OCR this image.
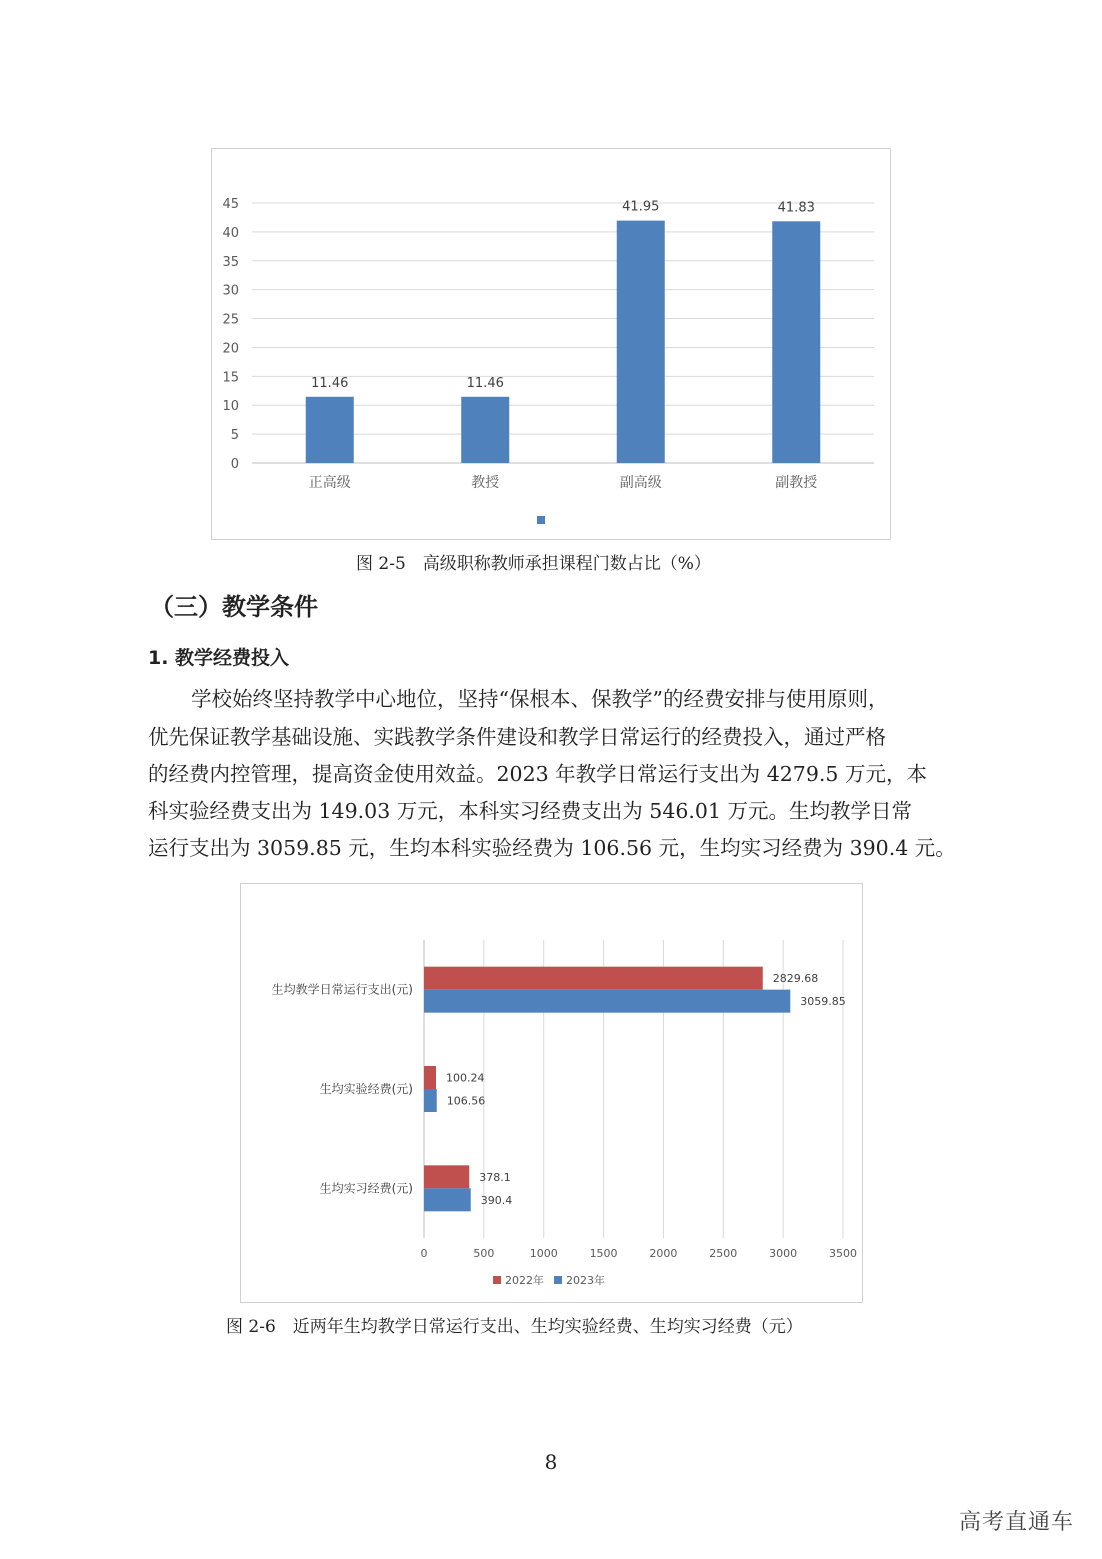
0
5
10
15
20
25
30
35
40
45
11.46
正高级
11.46
教授
41.95
副高级
41.83
副教授
图 2-5　高级职称教师承担课程门数占比（%）
（三）教学条件
1. 教学经费投入
学校始终坚持教学中心地位，坚持“保根本、保教学”的经费安排与使用原则，
优先保证教学基础设施、实践教学条件建设和教学日常运行的经费投入，通过严格
的经费内控管理，提高资金使用效益。2023 年教学日常运行支出为 4279.5 万元，本
科实验经费支出为 149.03 万元，本科实习经费支出为 546.01 万元。生均教学日常
运行支出为 3059.85 元，生均本科实验经费为 106.56 元，生均实习经费为 390.4 元。
0	500	1000	1500	2000	2500	3000	3500
生均教学日常运行支出(元)
2829.68
3059.85
生均实验经费(元)
100.24
106.56
生均实习经费(元)
378.1
390.4
2022年 2023年
图 2-6　近两年生均教学日常运行支出、生均实验经费、生均实习经费（元）
8
高考直通车
